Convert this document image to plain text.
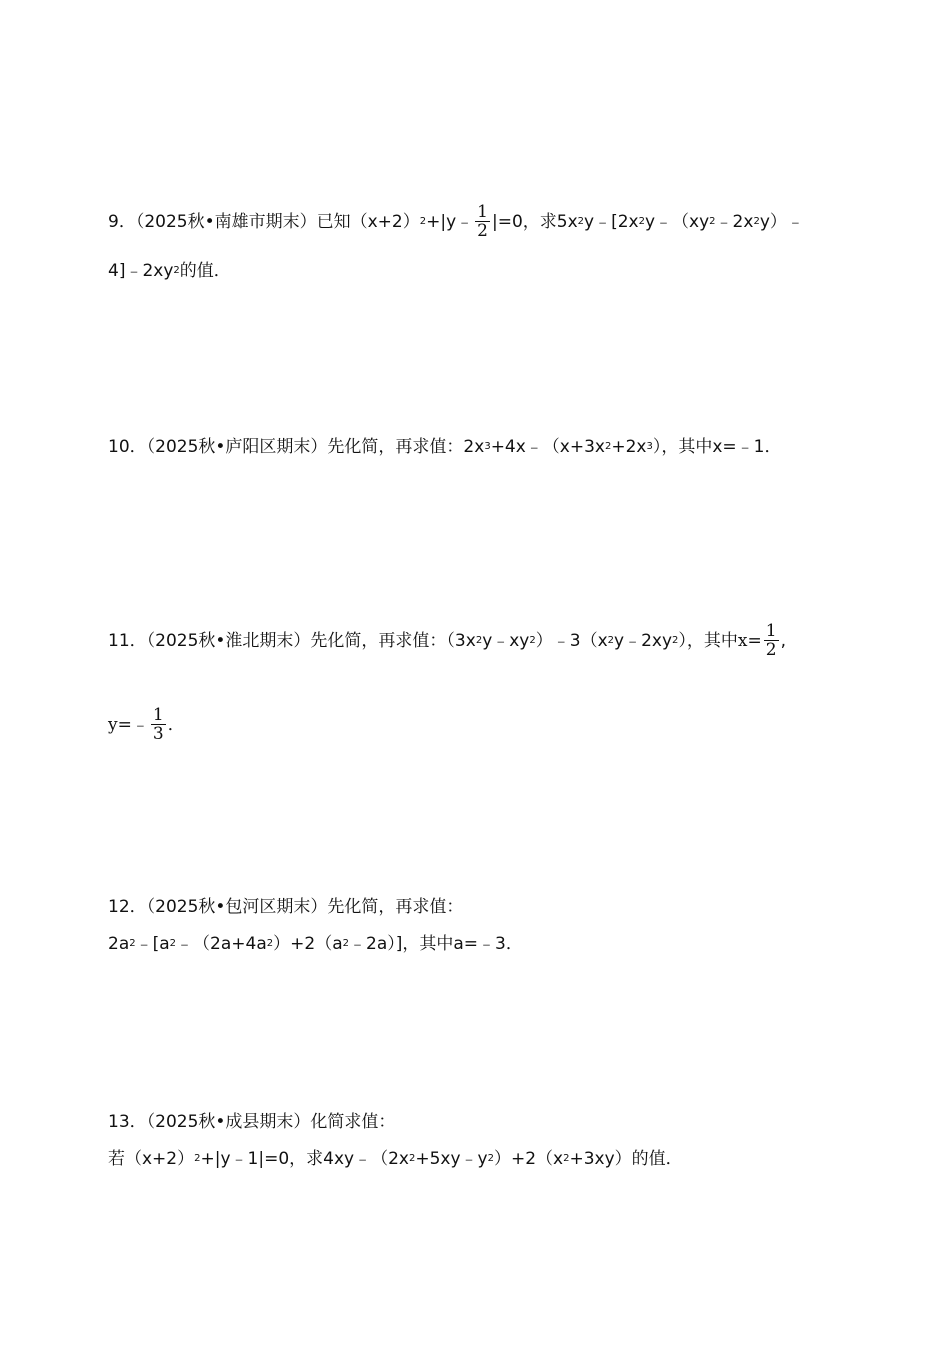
9．（2025秋•南雄市期末）已知（x+2） 2 +|y﹣ $\frac{1}{2} |=0$，求5x 2 y﹣[2x 2 y﹣（xy 2 ﹣2x 2 y）﹣
4]﹣2xy 2 的值．
10．（2025秋•庐阳区期末）先化简，再求值：2x 3 +4x﹣（x+3x 2 +2x 3 ），其中x=﹣1．
11．（2025秋•淮北期末）先化简，再求值：（3x 2 y﹣xy 2 ）﹣3（x 2 y﹣2xy 2 ），其中 $x= \frac{1}{2}$ ,
y= ﹣ $\frac{1}{3}$ ．
12．（2025秋•包河区期末）先化简，再求值：
2a 2 ﹣[a 2 ﹣（2a+4a 2 ）+2（a 2 ﹣2a）]，其中a=﹣3．
13．（2025秋•成县期末）化简求值：
若（x+2） 2 +|y﹣1|=0，求4xy﹣（2x 2 +5xy﹣y 2 ）+2（x 2 +3xy）的值．
